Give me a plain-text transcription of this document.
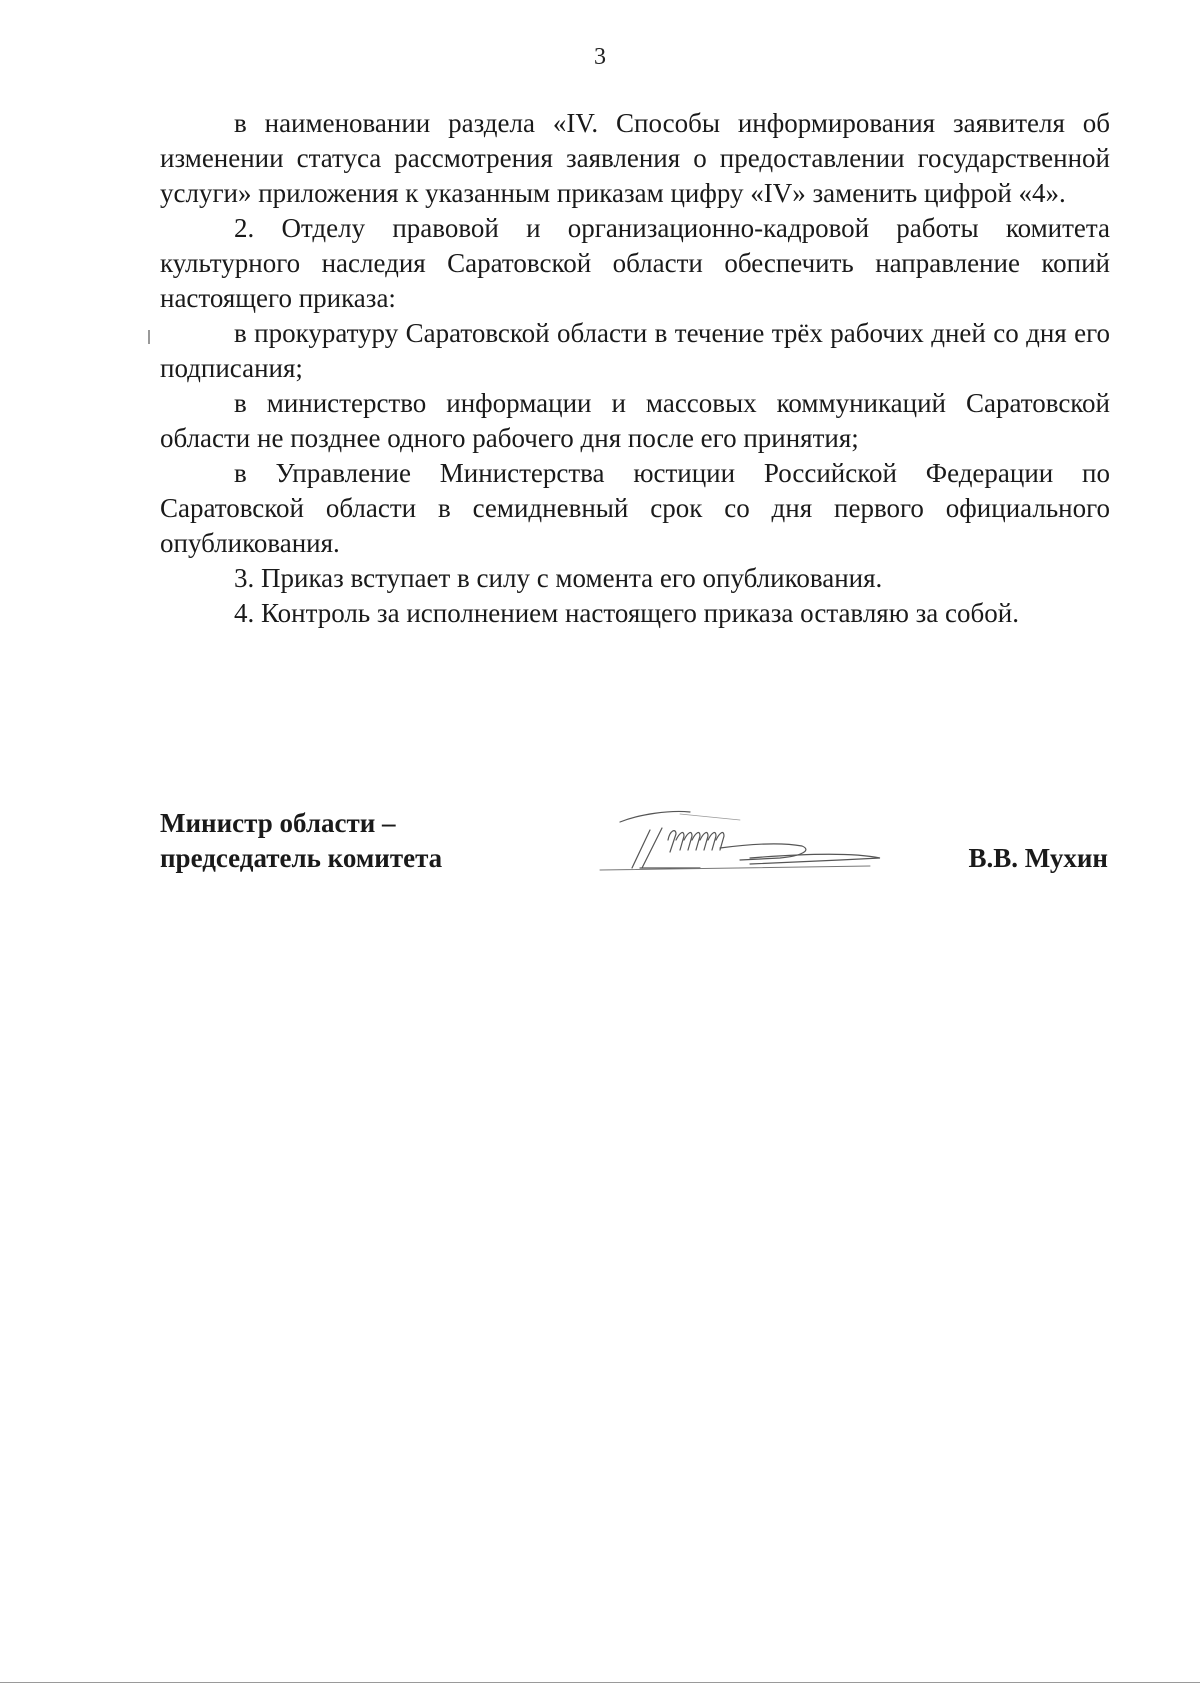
3

в наименовании раздела «IV. Способы информирования заявителя об изменении статуса рассмотрения заявления о предоставлении государственной услуги» приложения к указанным приказам цифру «IV» заменить цифрой «4».

2. Отделу правовой и организационно-кадровой работы комитета культурного наследия Саратовской области обеспечить направление копий настоящего приказа:

в прокуратуру Саратовской области в течение трёх рабочих дней со дня его подписания;

в министерство информации и массовых коммуникаций Саратовской области не позднее одного рабочего дня после его принятия;

в Управление Министерства юстиции Российской Федерации по Саратовской области в семидневный срок со дня первого официального опубликования.

3. Приказ вступает в силу с момента его опубликования.

4. Контроль за исполнением настоящего приказа оставляю за собой.

Министр области –
председатель комитета	В.В. Мухин
